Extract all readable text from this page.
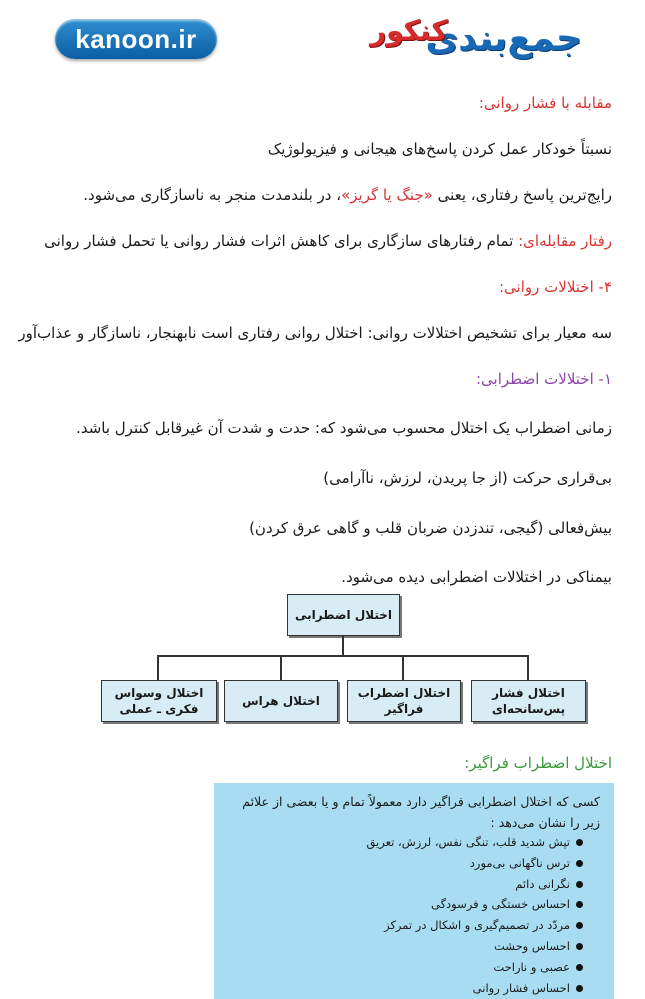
kanoon.ir	جمع‌بندی
کنکور
مقابله با فشار روانی:
نسبتاً خودکار عمل کردن پاسخ‌های هیجانی و فیزیولوژیک
رایج‌ترین پاسخ رفتاری، یعنی «جنگ یا گریز»، در بلندمدت منجر به ناسازگاری می‌شود.
رفتار مقابله‌ای: تمام رفتارهای سازگاری برای کاهش اثرات فشار روانی یا تحمل فشار روانی
۴- اختلالات روانی:
سه معیار برای تشخیص اختلالات روانی: اختلال روانی رفتاری است نابهنجار، ناسازگار و عذاب‌آور
۱- اختلالات اضطرابی:
زمانی اضطراب یک اختلال محسوب می‌شود که: حدت و شدت آن غیرقابل کنترل باشد.
بی‌قراری حرکت (از جا پریدن، لرزش، ناآرامی)
بیش‌فعالی (گیجی، تندزدن ضربان قلب و گاهی عرق کردن)
بیمناکی در اختلالات اضطرابی دیده می‌شود.
اختلال اضطرابی
اختلال فشار پس‌سانحه‌ای
اختلال اضطراب فراگیر
اختلال هراس
اختلال وسواس فکری ـ عملی
اختلال اضطراب فراگیر:
کسی که اختلال اضطرابی فراگیر دارد معمولاً تمام و یا بعضی از علائم زیر را نشان می‌دهد :
تپش شدید قلب، تنگی نفس، لرزش، تعریق
ترس ناگهانی بی‌مورد
نگرانی دائم
احساس خستگی و فرسودگی
مردّد در تصمیم‌گیری و اشکال در تمرکز
احساس وحشت
عصبی و ناراحت
احساس فشار روانی
